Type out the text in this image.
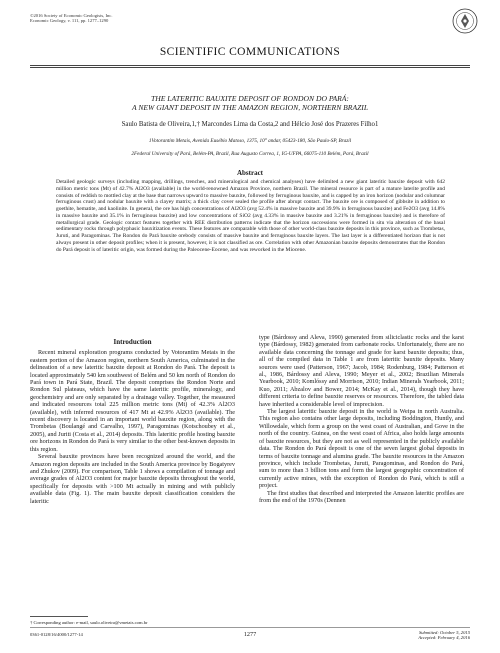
©2016 Society of Economic Geologists, Inc.
Economic Geology, v. 111, pp. 1277–1290
SCIENTIFIC COMMUNICATIONS
THE LATERITIC BAUXITE DEPOSIT OF RONDON DO PARÁ:
A NEW GIANT DEPOSIT IN THE AMAZON REGION, NORTHERN BRAZIL
Saulo Batista de Oliveira,1,† Marcondes Lima da Costa,2 and Hélcio José dos Prazeres Filho1
1Votorantim Metais, Avenida Eusébio Matoso, 1375, 10° andar, 05423-180, São Paulo-SP, Brazil
2Federal University of Pará, Belém-PA, Brazil, Rua Augusto Correa, 1, IG-UFPA, 66075-110 Belém, Pará, Brazil
Abstract
Detailed geologic surveys (including mapping, drillings, trenches, and mineralogical and chemical analyses) have delimited a new giant lateritic bauxite deposit with 642 million metric tons (Mt) of 42.7% Al2O3 (available) in the world-renowned Amazon Province, northern Brazil. The mineral resource is part of a mature laterite profile and consists of reddish to mottled clay at the base that narrows upward to massive bauxite, followed by ferruginous bauxite, and is capped by an iron horizon (nodular and columnar ferruginous crust) and nodular bauxite with a clayey matrix; a thick clay cover sealed the profile after abrupt contact. The bauxite ore is composed of gibbsite in addition to goethite, hematite, and kaolinite. In general, the ore has high concentrations of Al2O3 (avg 52.4% in massive bauxite and 39.9% in ferruginous bauxite) and Fe2O3 (avg 14.8% in massive bauxite and 35.1% in ferruginous bauxite) and low concentrations of SiO2 (avg 4.33% in massive bauxite and 3.21% in ferruginous bauxite) and is therefore of metallurgical grade. Geologic contact features together with REE distribution patterns indicate that the horizon successions were formed in situ via alteration of the basal sedimentary rocks through polyphasic bauxitization events. These features are comparable with those of other world-class bauxite deposits in this province, such as Trombetas, Juruti, and Paragominas. The Rondon do Pará bauxite orebody consists of massive bauxite and ferruginous bauxite layers. The last layer is a differentiated horizon that is not always present in other deposit profiles; when it is present, however, it is not classified as ore. Correlation with other Amazonian bauxite deposits demonstrates that the Rondon do Pará deposit is of lateritic origin, was formed during the Paleocene-Eocene, and was reworked in the Miocene.

Introduction

Recent mineral exploration programs conducted by Votorantim Metais in the eastern portion of the Amazon region, northern South America, culminated in the delineation of a new lateritic bauxite deposit at Rondon do Pará. The deposit is located approximately 540 km southwest of Belém and 50 km north of Rondon do Pará town in Pará State, Brazil. The deposit comprises the Rondon Norte and Rondon Sul plateaus, which have the same lateritic profile, mineralogy, and geochemistry and are only separated by a drainage valley. Together, the measured and indicated resources total 225 million metric tons (Mt) of 42.3% Al2O3 (available), with inferred resources of 417 Mt at 42.9% Al2O3 (available). The recent discovery is located in an important world bauxite region, along with the Trombetas (Boulangé and Carvalho, 1997), Paragominas (Kotschoubey et al., 2005), and Juriti (Costa et al., 2014) deposits. This lateritic profile hosting bauxite ore horizons in Rondon do Pará is very similar to the other best-known deposits in this region.

Several bauxite provinces have been recognized around the world, and the Amazon region deposits are included in the South America province by Bogatyrev and Zhukov (2009). For comparison, Table 1 shows a compilation of tonnage and average grades of Al2O3 content for major bauxite deposits throughout the world, specifically for deposits with >100 Mt actually in mining and with publicly available data (Fig. 1). The main bauxite deposit classification considers the lateritic

type (Bárdossy and Aleva, 1990) generated from siliciclastic rocks and the karst type (Bárdossy, 1982) generated from carbonate rocks. Unfortunately, there are no available data concerning the tonnage and grade for karst bauxite deposits; thus, all of the compiled data in Table 1 are from lateritic bauxite deposits. Many sources were used (Patterson, 1967; Jacob, 1984; Rodenburg, 1984; Patterson et al., 1986, Bárdossy and Aleva, 1990; Meyer et al., 2002; Brazilian Minerals Yearbook, 2010; Komlóssy and Morrison, 2010; Indian Minerals Yearbook, 2011; Kuo, 2011; Abzalov and Bower, 2014; McKay et al., 2014), though they have different criteria to define bauxite reserves or resources. Therefore, the tabled data have inherited a considerable level of imprecision.

The largest lateritic bauxite deposit in the world is Weipa in north Australia. This region also contains other large deposits, including Boddington, Huntly, and Willowdale, which form a group on the west coast of Australian, and Gove in the north of the country. Guinea, on the west coast of Africa, also holds large amounts of bauxite resources, but they are not as well represented in the publicly available data. The Rondon do Pará deposit is one of the seven largest global deposits in terms of bauxite tonnage and alumina grade. The bauxite resources in the Amazon province, which include Trombetas, Juruti, Paragominas, and Rondon do Pará, sum to more than 3 billion tons and form the largest geographic concentration of currently active mines, with the exception of Rondon do Pará, which is still a project.

The first studies that described and interpreted the Amazon lateritic profiles are from the end of the 1970s (Dennen

† Corresponding author: e-mail, saulo.oliveira@vmetais.com.br
0361-0128/16/4000/1277-14	1277	Submitted: October 5, 2015
Accepted: February 4, 2016
